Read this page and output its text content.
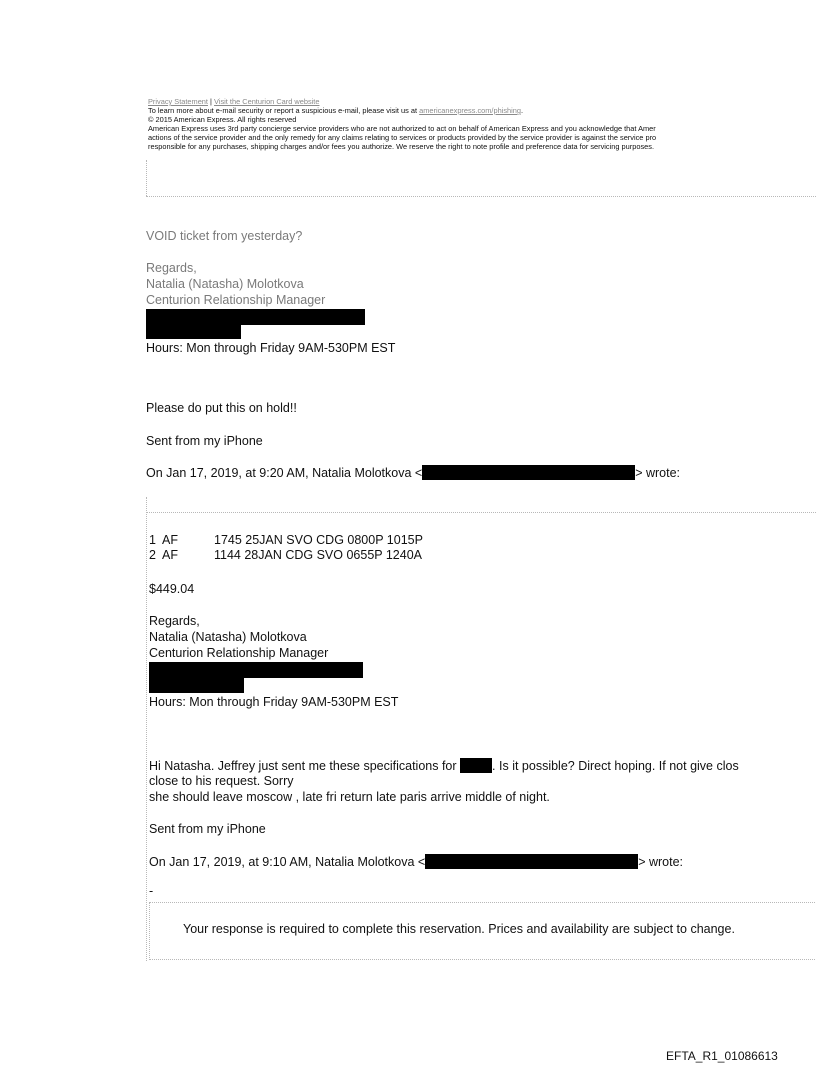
Privacy Statement | Visit the Centurion Card website
To learn more about e-mail security or report a suspicious e-mail, please visit us at americanexpress.com/phishing.
© 2015 American Express. All rights reserved
American Express uses 3rd party concierge service providers who are not authorized to act on behalf of American Express and you acknowledge that Amer
actions of the service provider and the only remedy for any claims relating to services or products provided by the service provider is against the service pro
responsible for any purchases, shipping charges and/or fees you authorize. We reserve the right to note profile and preference data for servicing purposes.
VOID ticket from yesterday?
Regards,
Natalia (Natasha) Molotkova
Centurion Relationship Manager
Hours: Mon through Friday 9AM-530PM EST
Please do put this on hold!!
Sent from my iPhone
On Jan 17, 2019, at 9:20 AM, Natalia Molotkova <	> wrote:
1 AF	1745 25JAN SVO CDG 0800P 1015P
2 AF	1144 28JAN CDG SVO 0655P 1240A
$449.04
Regards,
Natalia (Natasha) Molotkova
Centurion Relationship Manager
Hours: Mon through Friday 9AM-530PM EST
Hi Natasha. Jeffrey just sent me these specifications for	. Is it possible? Direct hoping. If not give clos
close to his request. Sorry
she should leave moscow , late fri return late paris arrive middle of night.
Sent from my iPhone
On Jan 17, 2019, at 9:10 AM, Natalia Molotkova <	> wrote:
-
Your response is required to complete this reservation. Prices and availability are subject to change.
EFTA_R1_01086613
